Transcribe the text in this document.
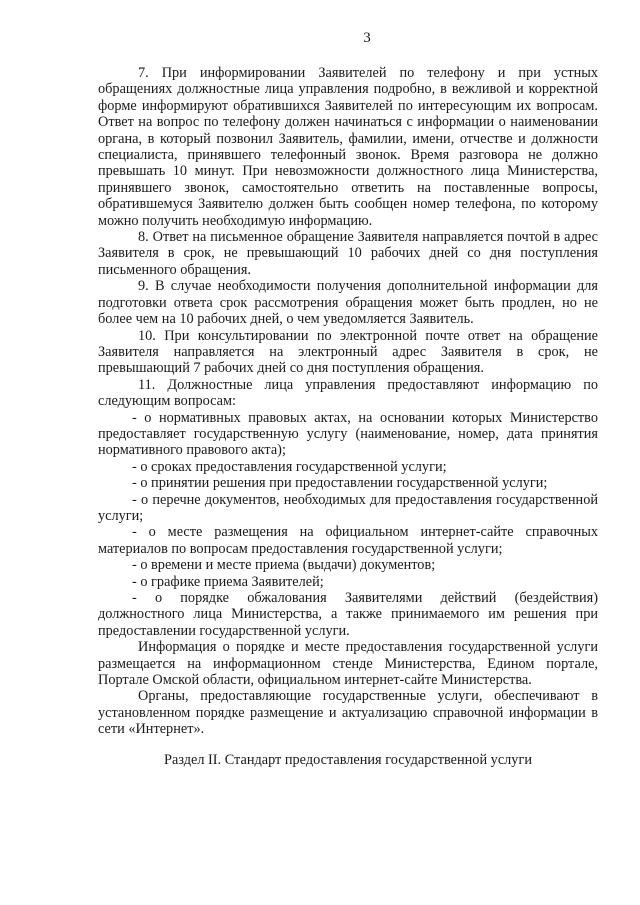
3

7. При информировании Заявителей по телефону и при устных обращениях должностные лица управления подробно, в вежливой и корректной форме информируют обратившихся Заявителей по интересующим их вопросам. Ответ на вопрос по телефону должен начинаться с информации о наименовании органа, в который позвонил Заявитель, фамилии, имени, отчестве и должности специалиста, принявшего телефонный звонок. Время разговора не должно превышать 10 минут. При невозможности должностного лица Министерства, принявшего звонок, самостоятельно ответить на поставленные вопросы, обратившемуся Заявителю должен быть сообщен номер телефона, по которому можно получить необходимую информацию.

8. Ответ на письменное обращение Заявителя направляется почтой в адрес Заявителя в срок, не превышающий 10 рабочих дней со дня поступления письменного обращения.

9. В случае необходимости получения дополнительной информации для подготовки ответа срок рассмотрения обращения может быть продлен, но не более чем на 10 рабочих дней, о чем уведомляется Заявитель.

10. При консультировании по электронной почте ответ на обращение Заявителя направляется на электронный адрес Заявителя в срок, не превышающий 7 рабочих дней со дня поступления обращения.

11. Должностные лица управления предоставляют информацию по следующим вопросам:

- о нормативных правовых актах, на основании которых Министерство предоставляет государственную услугу (наименование, номер, дата принятия нормативного правового акта);

- о сроках предоставления государственной услуги;

- о принятии решения при предоставлении государственной услуги;

- о перечне документов, необходимых для предоставления государственной услуги;

- о месте размещения на официальном интернет-сайте справочных материалов по вопросам предоставления государственной услуги;

- о времени и месте приема (выдачи) документов;

- о графике приема Заявителей;

- о порядке обжалования Заявителями действий (бездействия) должностного лица Министерства, а также принимаемого им решения при предоставлении государственной услуги.

Информация о порядке и месте предоставления государственной услуги размещается на информационном стенде Министерства, Едином портале, Портале Омской области, официальном интернет-сайте Министерства.

Органы, предоставляющие государственные услуги, обеспечивают в установленном порядке размещение и актуализацию справочной информации в сети «Интернет».

Раздел II. Стандарт предоставления государственной услуги
